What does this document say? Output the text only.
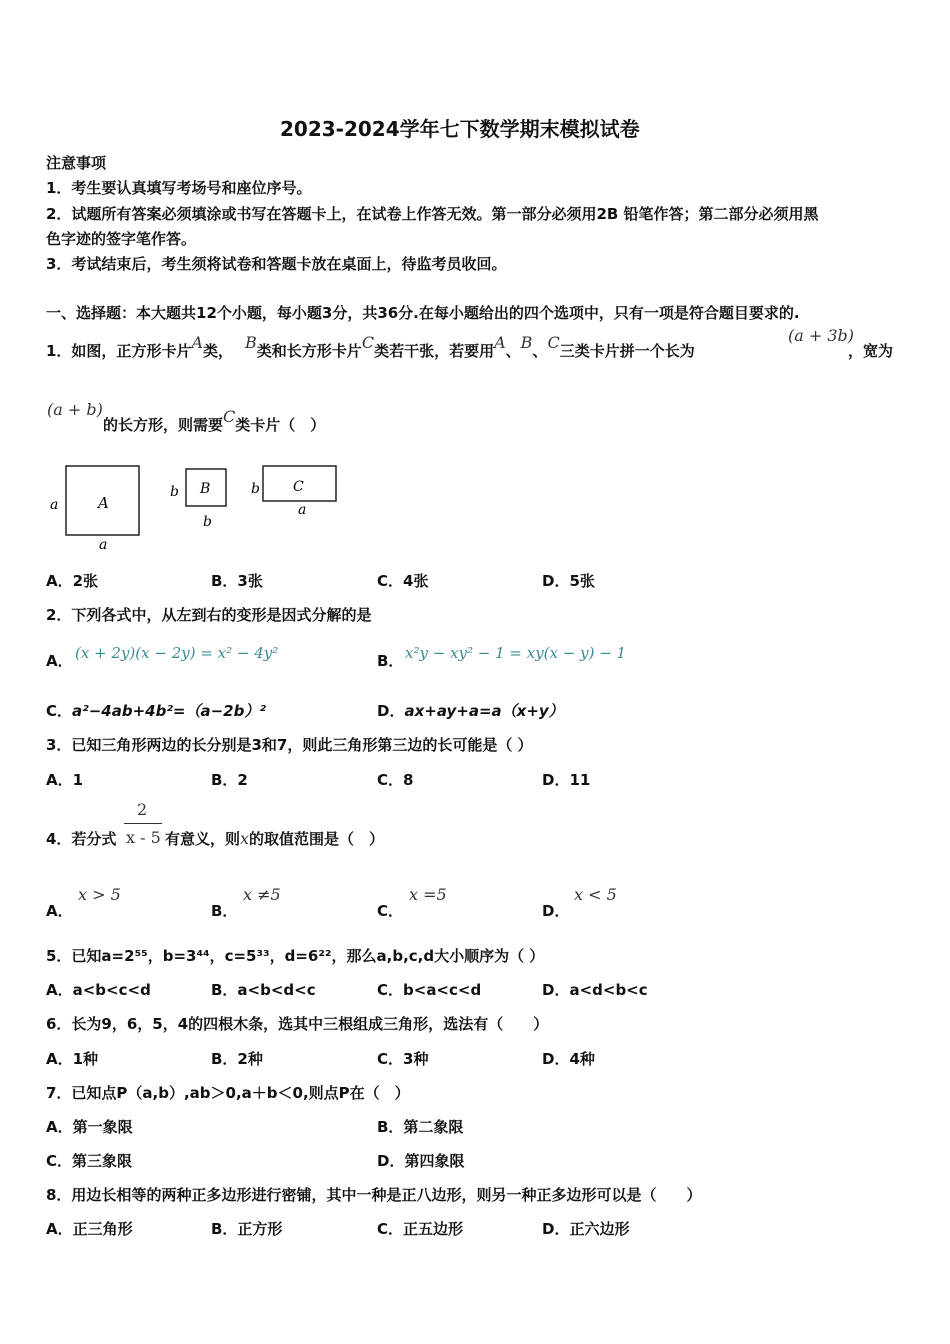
2023-2024学年七下数学期末模拟试卷
注意事项
1．考生要认真填写考场号和座位序号。
2．试题所有答案必须填涂或书写在答题卡上，在试卷上作答无效。第一部分必须用2B 铅笔作答；第二部分必须用黑
色字迹的签字笔作答。
3．考试结束后，考生须将试卷和答题卡放在桌面上，待监考员收回。
一、选择题：本大题共12个小题，每小题3分，共36分.在每小题给出的四个选项中，只有一项是符合题目要求的.
1．如图，正方形卡片A类， B类和长方形卡片C类若干张，若要用A、B、C三类卡片拼一个长为
(a + 3b)
，宽为
(a + b)
的长方形，则需要C类卡片（　）
A
a
a
B
b
b
C
b
a
A．2张	B．3张	C．4张	D．5张
2．下列各式中，从左到右的变形是因式分解的是
A． (x + 2y)(x − 2y) = x² − 4y²	B． x²y − xy² − 1 = xy(x − y) − 1
C．a²−4ab+4b²=（a−2b）²	D．ax+ay+a=a（x+y）
3．已知三角形两边的长分别是3和7，则此三角形第三边的长可能是（ ）
A．1	B．2	C．8	D．11
4．若分式
2
x - 5 有意义，则x的取值范围是（　）
A．
x > 5
B．
x ≠5
C．
x =5
D．
x < 5
5．已知a=2⁵⁵，b=3⁴⁴，c=5³³，d=6²²，那么a,b,c,d大小顺序为（ ）
A．a<b<c<d	B．a<b<d<c	C．b<a<c<d	D．a<d<b<c
6．长为9，6，5，4的四根木条，选其中三根组成三角形，选法有（　　）
A．1种	B．2种	C．3种	D．4种
7．已知点P（a,b）,ab＞0,a＋b＜0,则点P在（　）
A．第一象限	B．第二象限
C．第三象限	D．第四象限
8．用边长相等的两种正多边形进行密铺，其中一种是正八边形，则另一种正多边形可以是（　　）
A．正三角形	B．正方形	C．正五边形	D．正六边形
